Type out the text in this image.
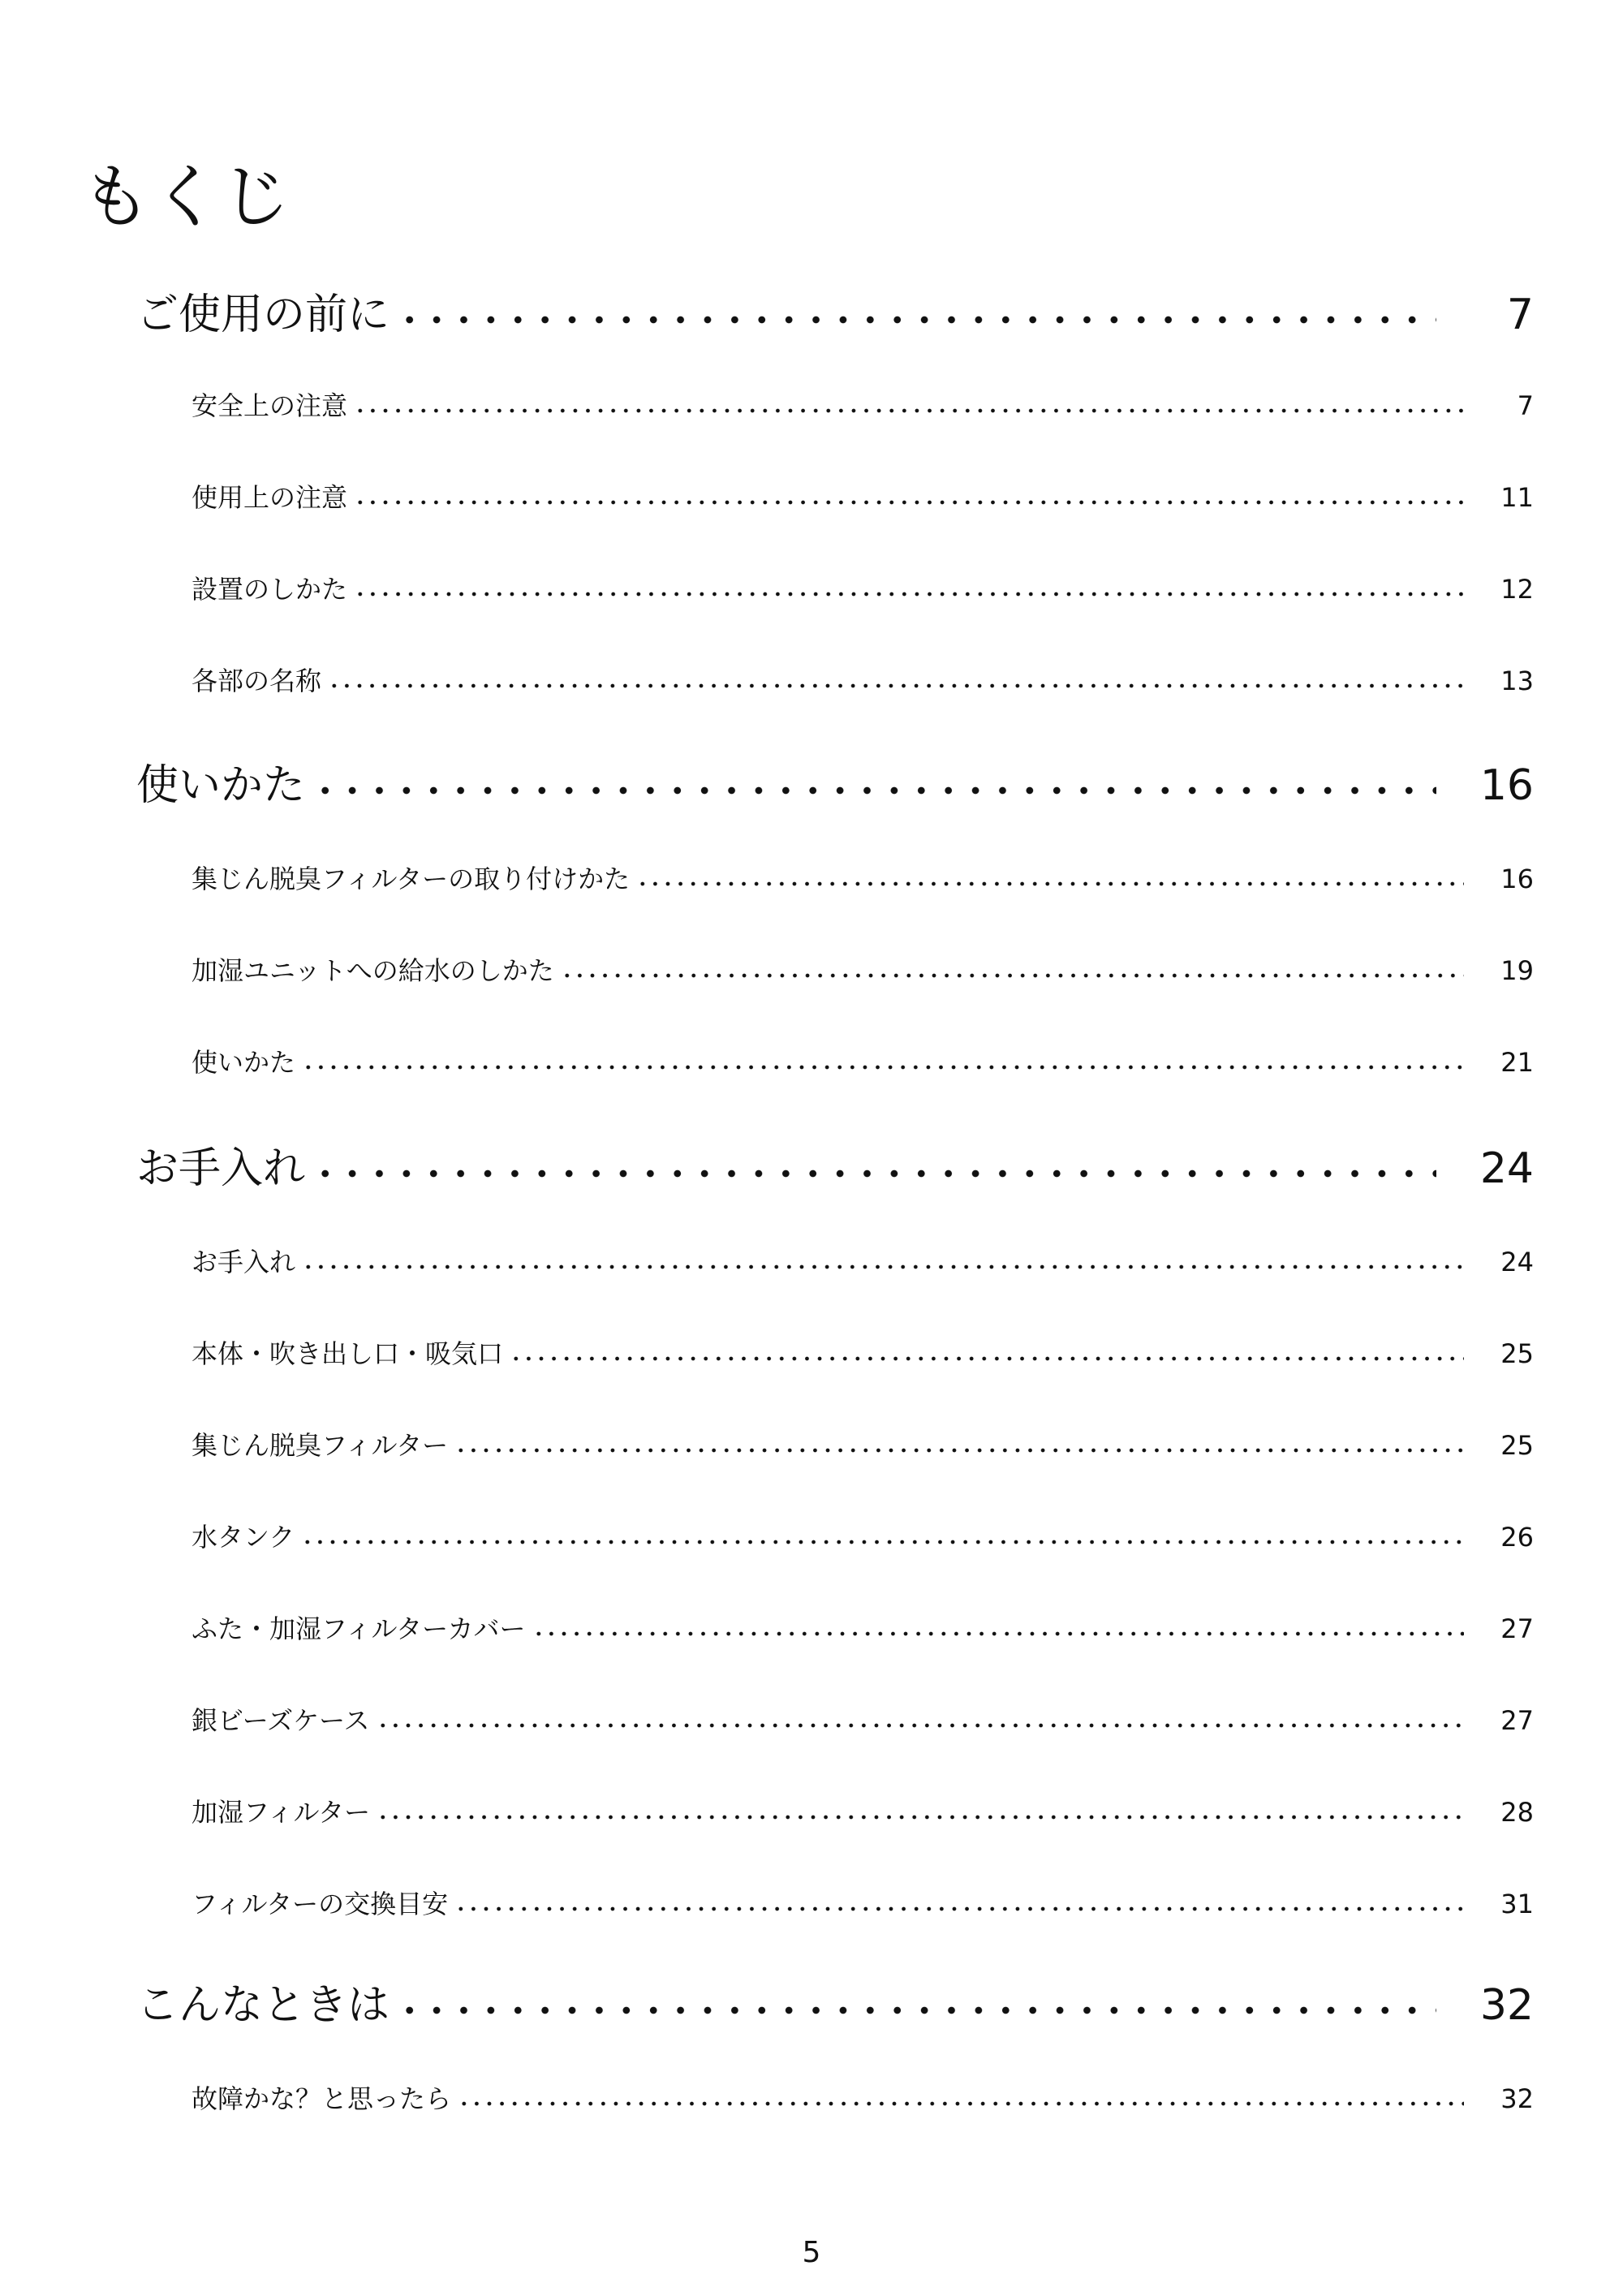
もくじ
ご使用の前に	7
安全上の注意	7
使用上の注意	11
設置のしかた	12
各部の名称	13
使いかた	16
集じん脱臭フィルターの取り付けかた	16
加湿ユニットへの給水のしかた	19
使いかた	21
お手入れ	24
お手入れ	24
本体・吹き出し口・吸気口	25
集じん脱臭フィルター	25
水タンク	26
ふた・加湿フィルターカバー	27
銀ビーズケース	27
加湿フィルター	28
フィルターの交換目安	31
こんなときは	32
故障かな？と思ったら	32
5
